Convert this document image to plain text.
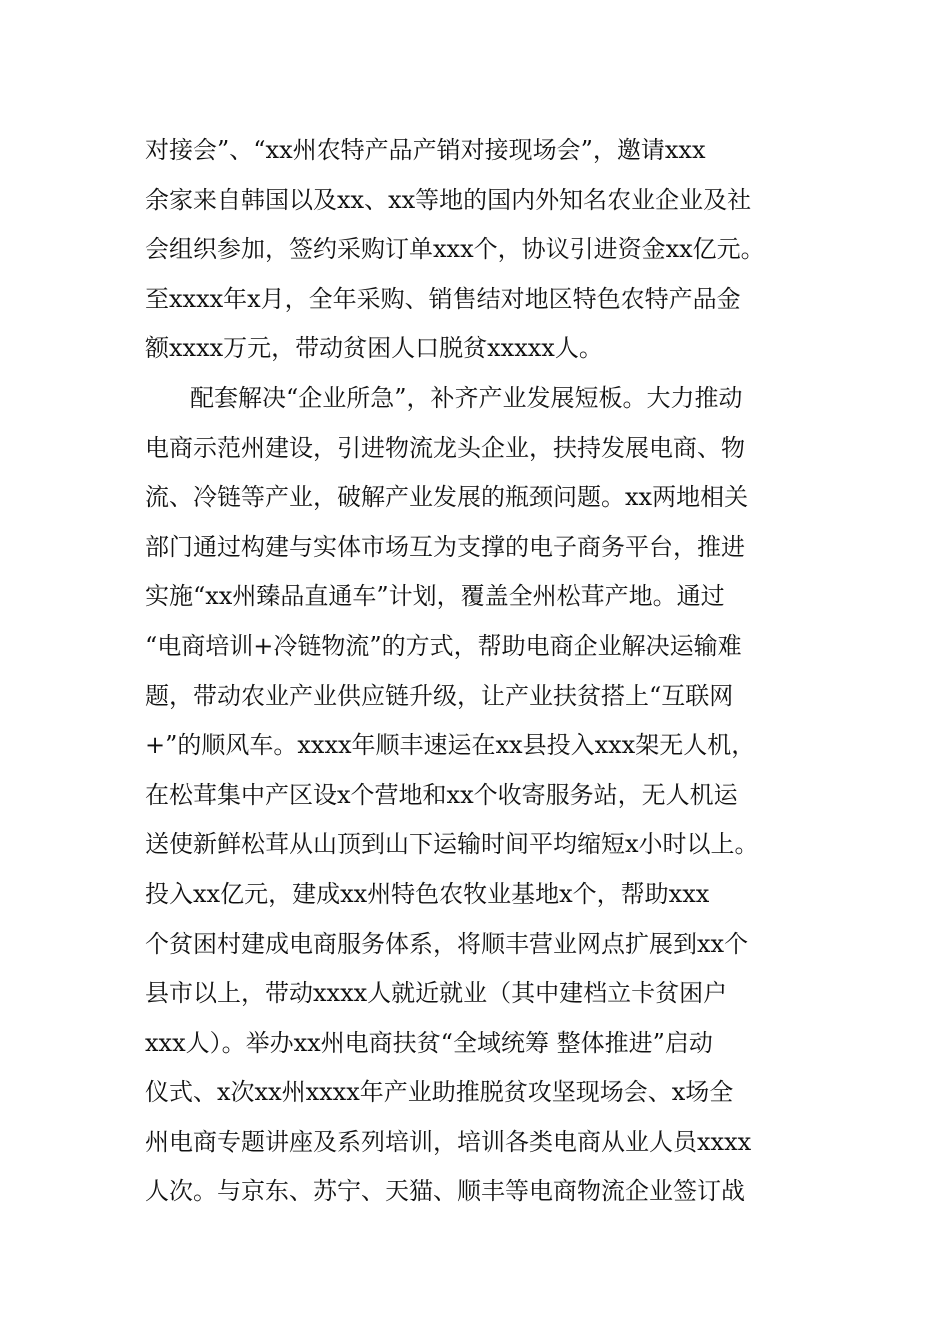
对接会”、“xx州农特产品产销对接现场会”，邀请xxx

余家来自韩国以及xx、xx等地的国内外知名农业企业及社

会组织参加，签约采购订单xxx个，协议引进资金xx亿元。

至xxxx年x月，全年采购、销售结对地区特色农特产品金

额xxxx万元，带动贫困人口脱贫xxxxx人。

配套解决“企业所急”，补齐产业发展短板。大力推动

电商示范州建设，引进物流龙头企业，扶持发展电商、物

流、冷链等产业，破解产业发展的瓶颈问题。xx两地相关

部门通过构建与实体市场互为支撑的电子商务平台，推进

实施“xx州臻品直通车”计划，覆盖全州松茸产地。通过

“电商培训+冷链物流”的方式，帮助电商企业解决运输难

题，带动农业产业供应链升级，让产业扶贫搭上“互联网

+”的顺风车。xxxx年顺丰速运在xx县投入xxx架无人机，

在松茸集中产区设x个营地和xx个收寄服务站，无人机运

送使新鲜松茸从山顶到山下运输时间平均缩短x小时以上。

投入xx亿元，建成xx州特色农牧业基地x个，帮助xxx

个贫困村建成电商服务体系，将顺丰营业网点扩展到xx个

县市以上，带动xxxx人就近就业（其中建档立卡贫困户

xxx人）。举办xx州电商扶贫“全域统筹 整体推进”启动

仪式、x次xx州xxxx年产业助推脱贫攻坚现场会、x场全

州电商专题讲座及系列培训，培训各类电商从业人员xxxx

人次。与京东、苏宁、天猫、顺丰等电商物流企业签订战
